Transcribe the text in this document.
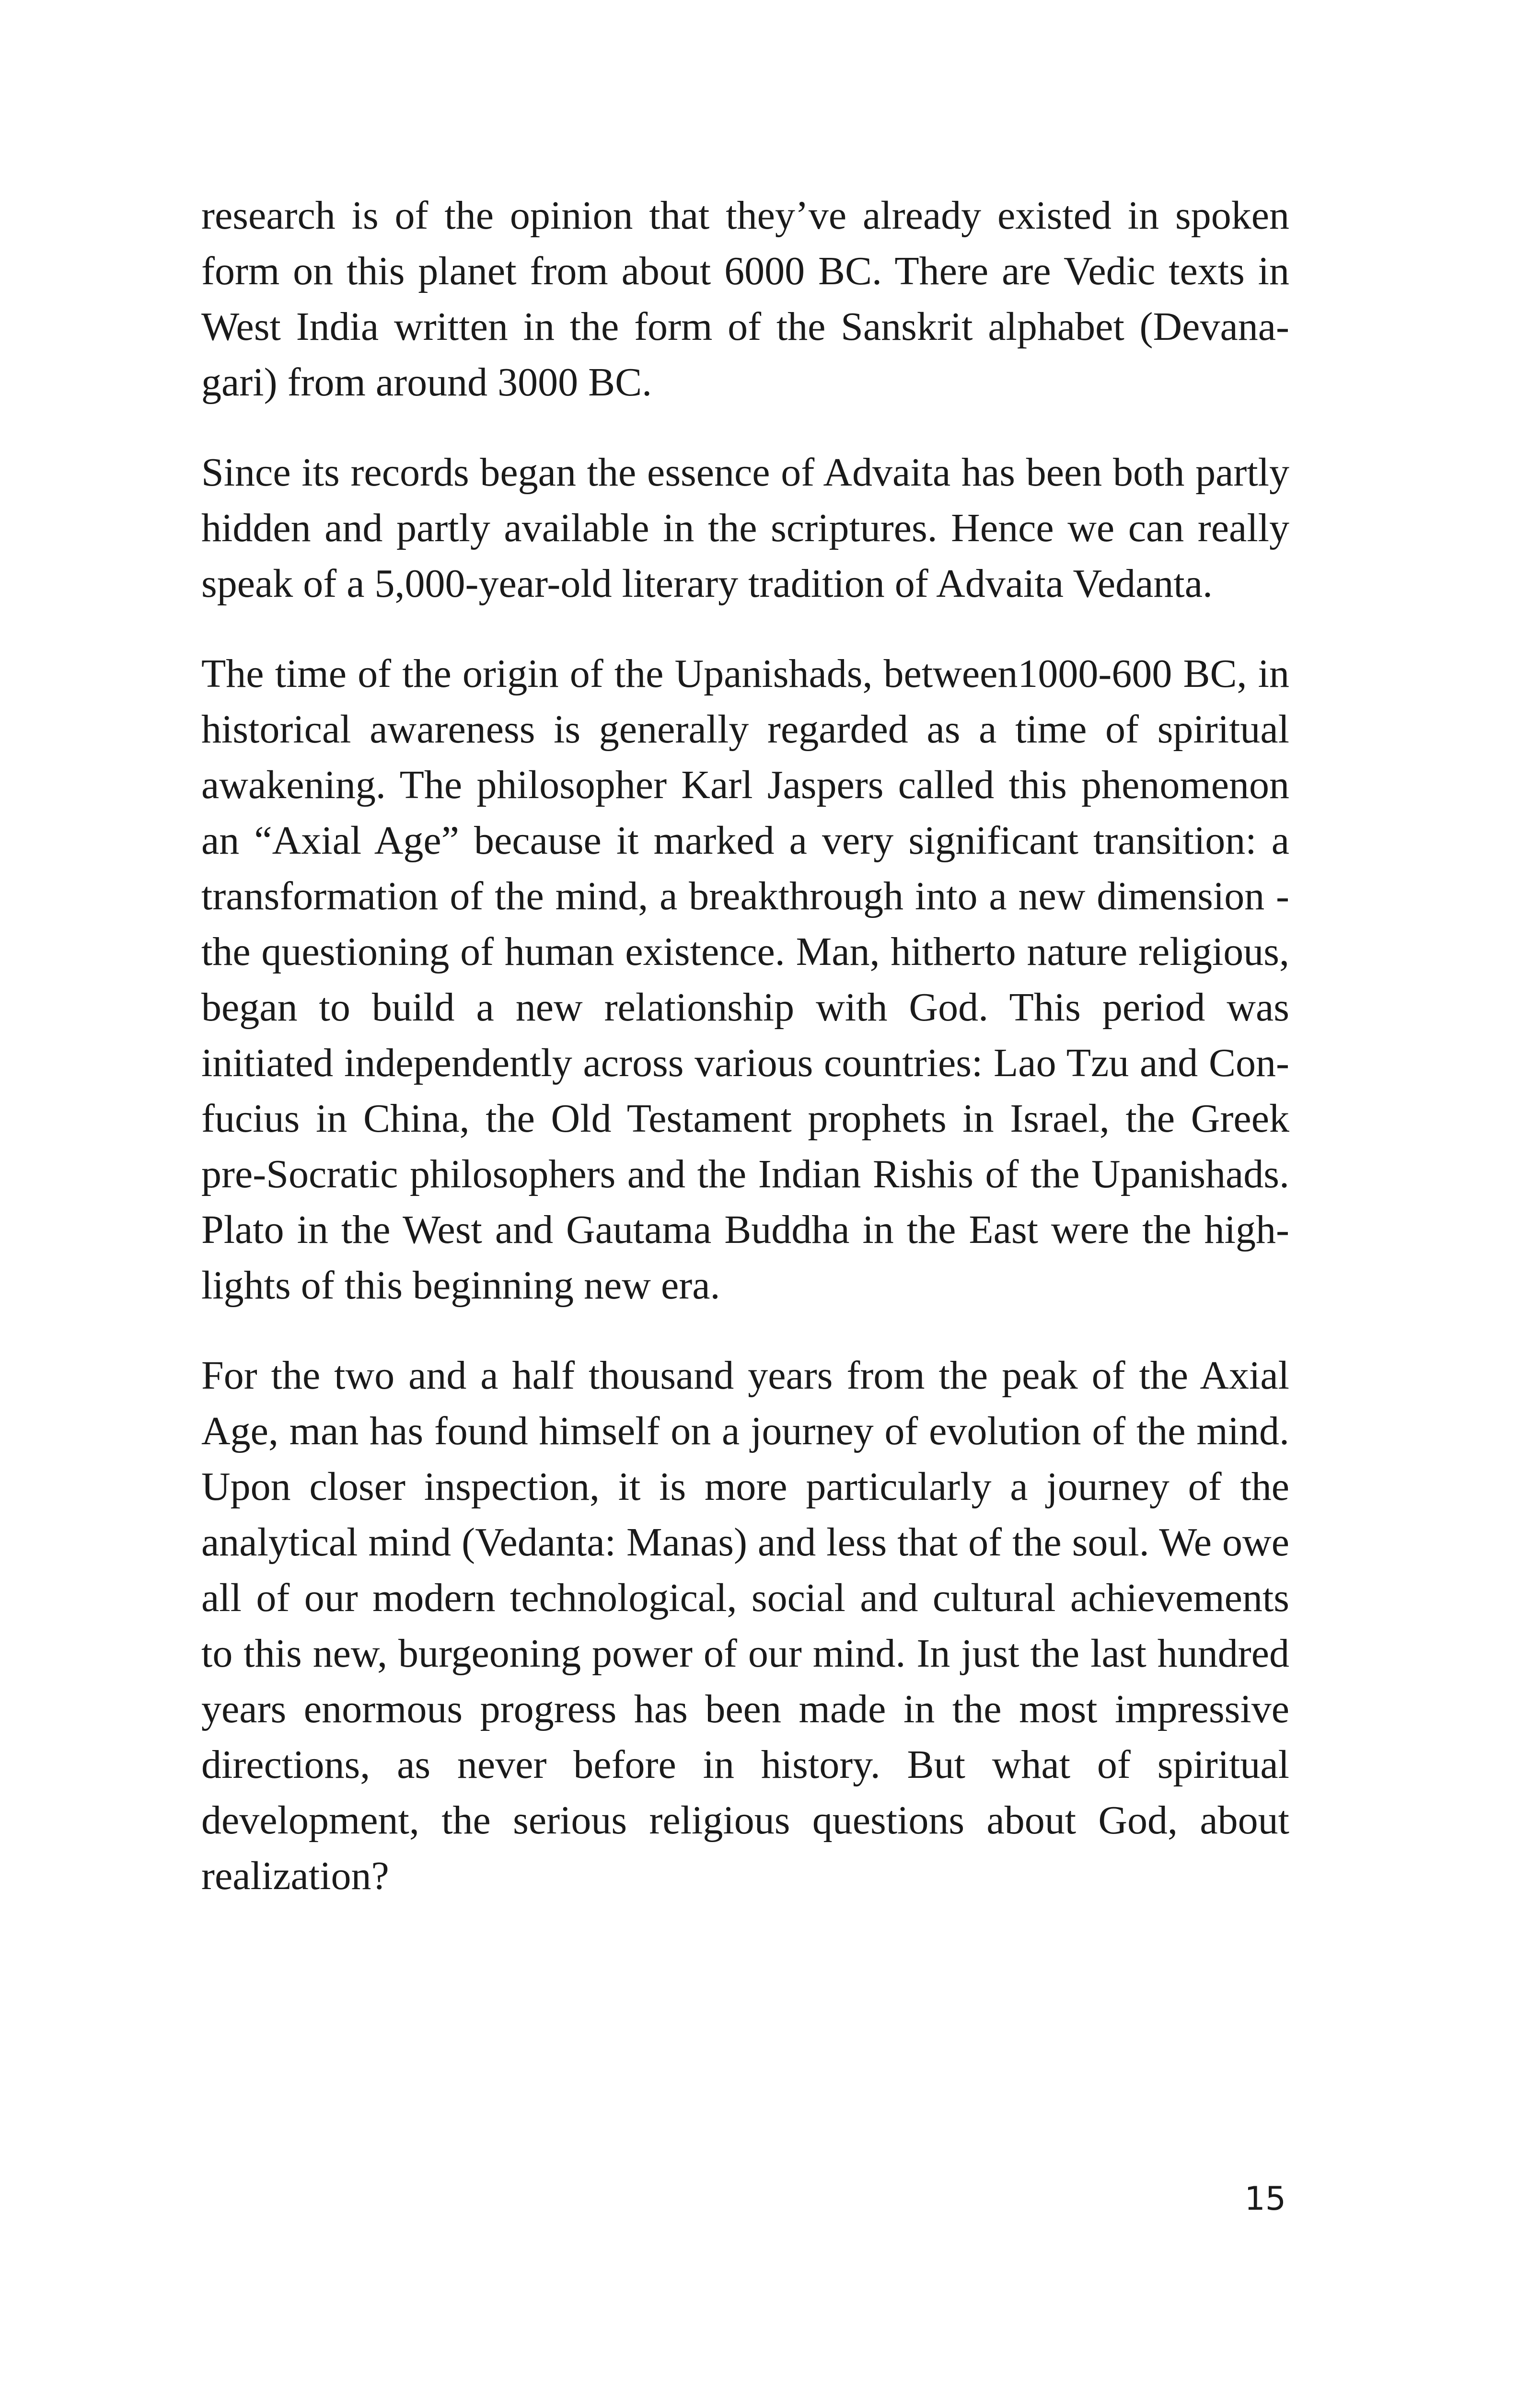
research is of the opinion that they’ve already existed in spoken form on this planet from about 6000 BC. There are Vedic texts in West India written in the form of the Sanskrit alphabet (Devanagari) from around 3000 BC.

Since its records began the essence of Advaita has been both partly hidden and partly available in the scriptures. Hence we can really speak of a 5,000-year-old literary tradition of Advaita Vedanta.

The time of the origin of the Upanishads, between1000-600 BC, in historical awareness is generally regarded as a time of spiritual awakening. The philosopher Karl Jaspers called this phenomenon an “Axial Age” because it marked a very significant transition: a transformation of the mind, a breakthrough into a new dimension - the questioning of human existence. Man, hitherto nature religious, began to build a new relationship with God. This period was initiated independently across various countries: Lao Tzu and Confucius in China, the Old Testament prophets in Israel, the Greek pre-Socratic philosophers and the Indian Rishis of the Upanishads. Plato in the West and Gautama Buddha in the East were the highlights of this beginning new era.

For the two and a half thousand years from the peak of the Axial Age, man has found himself on a journey of evolution of the mind. Upon closer inspection, it is more particularly a journey of the analytical mind (Vedanta: Manas) and less that of the soul. We owe all of our modern technological, social and cultural achievements to this new, burgeoning power of our mind. In just the last hundred years enormous progress has been made in the most impressive directions, as never before in history. But what of spiritual development, the serious religious questions about God, about realization?

15
